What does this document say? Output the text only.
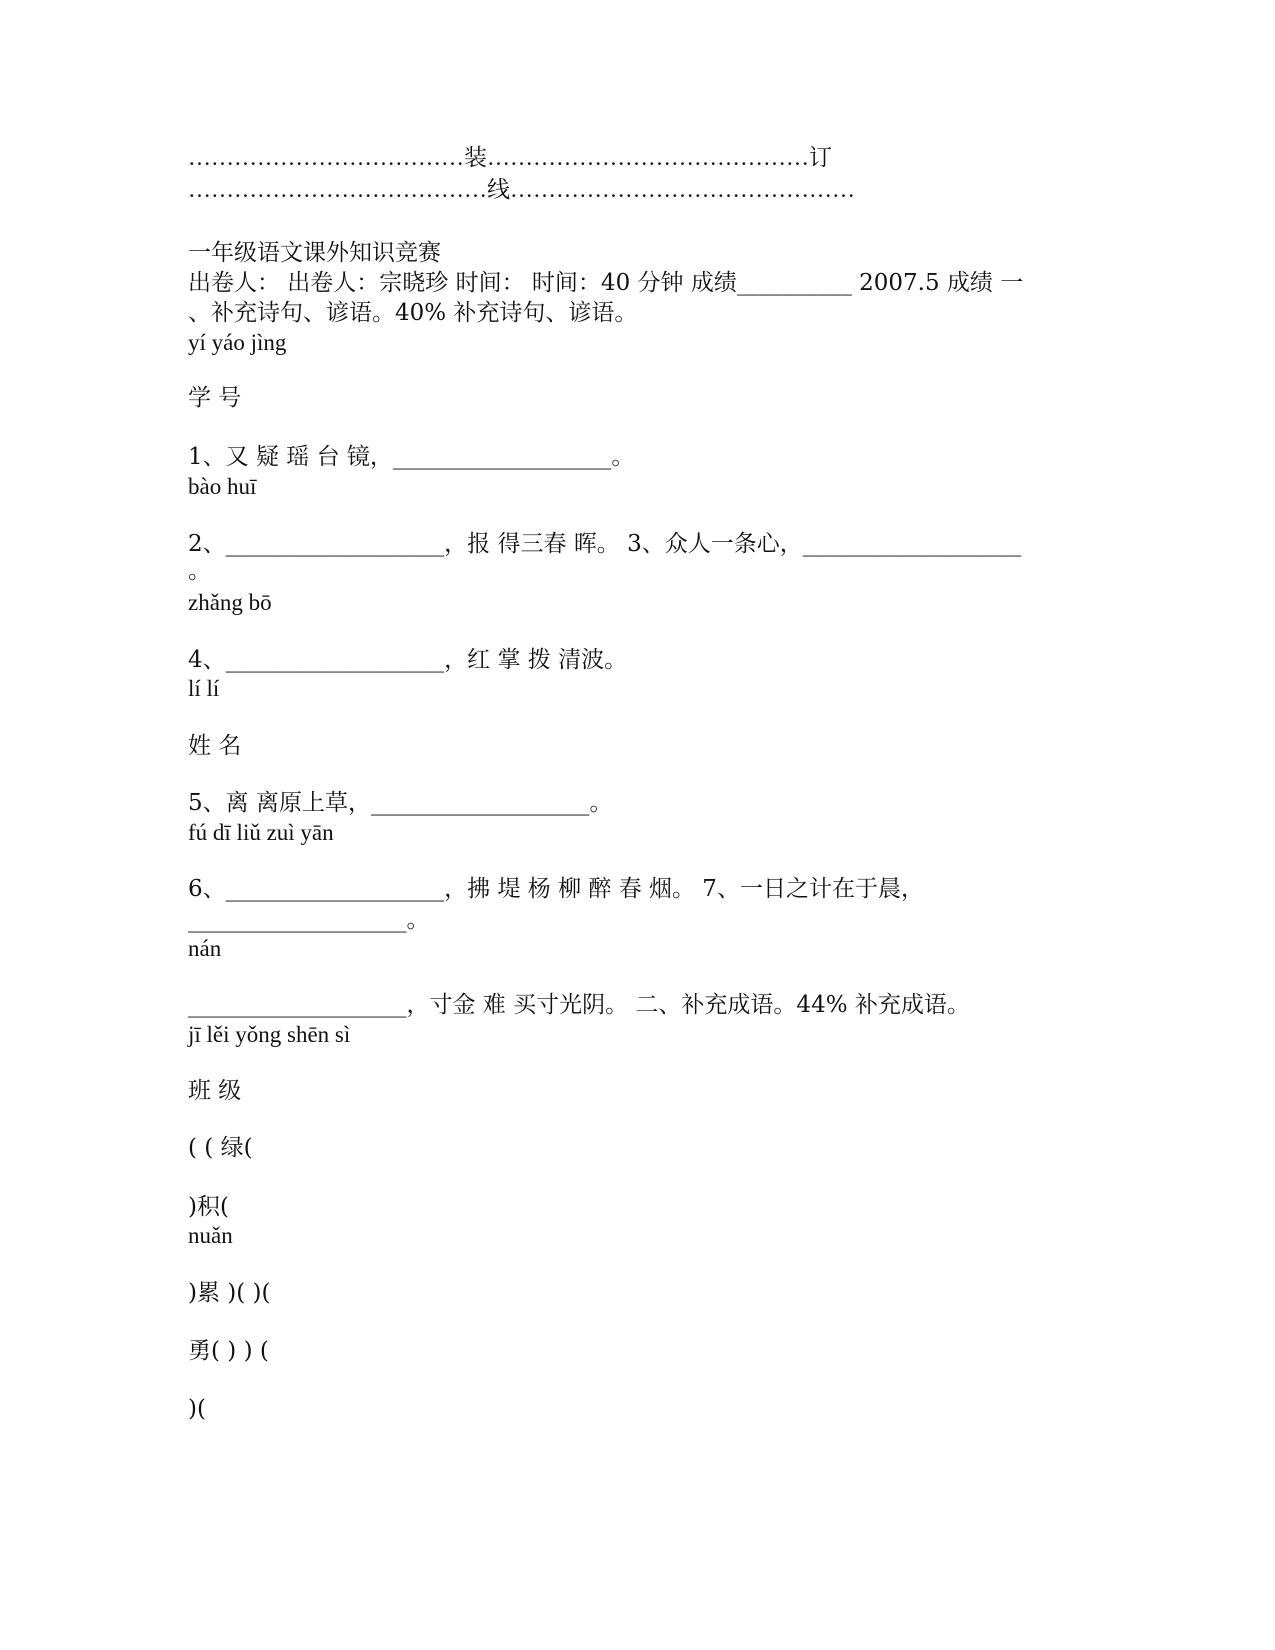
………………………………装……………………………………订
…………………………………线………………………………………
一年级语文课外知识竞赛
出卷人： 出卷人：宗晓珍 时间： 时间：40 分钟 成绩__________ 2007.5 成绩 一
、补充诗句、谚语。40% 补充诗句、谚语。
yí yáo jìng
学 号
1、又 疑 瑶 台 镜，___________________。
bào huī
2、___________________，报 得三春 晖。 3、众人一条心，___________________
。
zhǎng bō
4、___________________，红 掌 拨 清波。
lí lí
姓 名
5、离 离原上草，___________________。
fú dī liǔ zuì yān
6、___________________，拂 堤 杨 柳 醉 春 烟。 7、一日之计在于晨，
___________________。
nán
___________________，寸金 难 买寸光阴。 二、补充成语。44% 补充成语。
jī lěi yǒng shēn sì
班 级
( ( 绿(
)积(
nuǎn
)累 )( )(
勇( ) ) (
)(
